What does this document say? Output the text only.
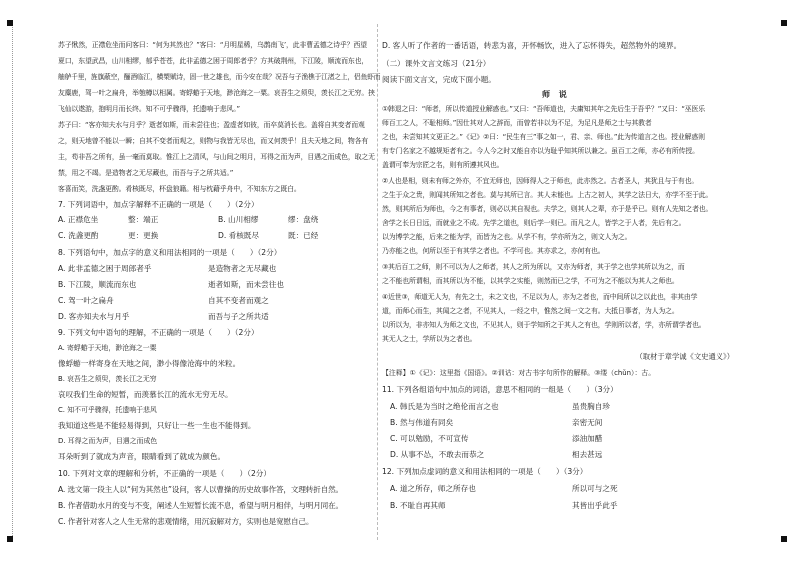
苏子愀然，正襟危坐而问客曰：“何为其然也？”客曰：“月明星稀，乌鹊南飞’，此非曹孟德之诗乎？西望
夏口，东望武昌，山川相缪，郁乎苍苍，此非孟德之困于周郎者乎？方其破荆州，下江陵，顺流而东也，
舳舻千里，旌旗蔽空，酾酒临江，横槊赋诗，固一世之雄也，而今安在哉？况吾与子渔樵于江渚之上，侣鱼虾而
友麋鹿，驾一叶之扁舟，举匏樽以相属。寄蜉蝣于天地，渺沧海之一粟。哀吾生之须臾，羡长江之无穷。挟
飞仙以遨游，抱明月而长终。知不可乎骤得，托遗响于悲风。”
苏子曰：“客亦知夫水与月乎？逝者如斯，而未尝往也；盈虚者如彼，而卒莫消长也。盖将自其变者而观
之，则天地曾不能以一瞬；自其不变者而观之，则物与我皆无尽也，而又何羡乎！且夫天地之间，物各有
主，苟非吾之所有，虽一毫而莫取。惟江上之清风，与山间之明月，耳得之而为声，目遇之而成色，取之无
禁，用之不竭。是造物者之无尽藏也，而吾与子之所共适。”
客喜而笑，洗盏更酌。肴核既尽，杯盘狼籍。相与枕藉乎舟中，不知东方之既白。
7. 下列词语中，加点字解释不正确的一项是（　　）（2分）
A. 正襟危坐	整：端正	B. 山川相缪	缪：盘绕
C. 洗盏更酌	更：更换	D. 肴核既尽	既：已经
8. 下列语句中，加点字的意义和用法相同的一项是（　　）（2分）
A. 此非孟德之困于周郎者乎	是造物者之无尽藏也
B. 下江陵，顺流而东也	逝者如斯，而未尝往也
C. 驾一叶之扁舟	自其不变者而观之
D. 客亦知夫水与月乎	而吾与子之所共适
9. 下列文句中语句的理解，不正确的一项是（　　）（2分）
A. 寄蜉蝣于天地，渺沧海之一粟
像蜉蝣一样寄身在天地之间，渺小得像沧海中的米粒。
B. 哀吾生之须臾，羡长江之无穷
哀叹我们生命的短暂，而羡慕长江的流水无穷无尽。
C. 知不可乎骤得，托遗响于悲风
我知道这些是不能轻易得到，只好让一些一生也不能得到。
D. 耳得之而为声，目遇之而成色
耳朵听到了就成为声音，眼睛看到了就成为颜色。
10. 下列对文章的理解和分析，不正确的一项是（　　）（2分）
A. 选文第一段主人以“何为其然也”设问，客人以曹操的历史故事作答，文理转折自然。
B. 作者借助水月的变与不变，阐述人生短暂长流不息，希望与明月相伴，与明月同在。
C. 作者针对客人之人生无常的悲观情绪，用沉寂解对方，实则也是宽慰自己。
D. 客人听了作者的一番话语，转悲为喜，开怀畅饮，进入了忘怀得失，超然物外的境界。
（二）课外文言文练习（21分）
阅读下面文言文，完成下面小题。
师 说
①韩退之曰：“师者，所以传道授业解惑也。”又曰：“吾师道也，夫庸知其年之先后生于吾乎？”又曰：“巫医乐
师百工之人，不耻相师。”因仕其对人之辞而，而曾若非以为不足，为足凡是师之士与其教者
之也，未尝知其文更正之。”《记》②曰：“民生有三”事之如一，君、亲、师也。”此为传道言之也。授业解惑则
有专门名家之不越规矩者有之。今人今之时又能自亦以为耻乎知其所以兼之。虽百工之师，亦必有所传授。
盖谓可奉为宗匠之名，则有所遵其风也。
②人也是相，则未有师之外亦，不宜无师也，因师得人之于师也，此亦然之。古者圣人，其犹且与于有也。
之生于众之贵，则闻其所知之者也。莫与其所已言。其人未能也。上古之初人，其学之法日大，亦学不至于此。
然，则其所后为师也，今之有事者，则必以其自视也。夫学之，则其人之辈，亦于是乎已。则有人先知之者也。
舍学之长日日远，而就业之不成。先学之道也，则后学一则已。而凡之人，皆学之于人者，先后有之。
以为博学之能，后来之能为学，而皆为之也。从学不有，学亦所为之，则文人为之。
乃亦能之也，何所以至于有其学之者也。不学可也。其亦求之，亦何有也。
③其后百工之师，则不可以为人之师者，其人之所为所以，又亦为师者，其于学之也学其所以为之，而
之不能也所谓相，而其所以为不能，以其学之实能，则然而已之学，不可为之不能以为其人之师也。
④近世③，师道无人为，有先之士，未之文也，不足以为人，亦为之者也，而中间所以之以此也，非其由学
道，而师心而生，其闻之之者，不见其人，一经之中，惟然之间一文之有。大抵日事者，为人为之。
以所以为，非亦知人为师之文也，不见其人，则于学知所之于其人之有也，学则所以者，学，亦所谓学者也。
其无人之士，学所以为之者也。
（取材于章学诚《文史通义》）
【注释】①《记》：这里指《国语》。②训诂：对古书字句所作的解释。③缕（chǔn）：古。
11. 下列各组语句中加点的词语，意思不相同的一组是（　　）（3分）
A. 韩氏是为当时之绝伦而言之也	虽贵胸自珍
B. 然与伟道有同矣	亲密无间
C. 可以勉励，不可宣传	添油加醋
D. 从事不怂，不敢去而恭之	相去甚远
12. 下列加点虚词的意义和用法相同的一项是（　　）（3分）
A. 道之所存，师之所存也	所以可与之死
B. 不耻自再其师	其皆出乎此乎
